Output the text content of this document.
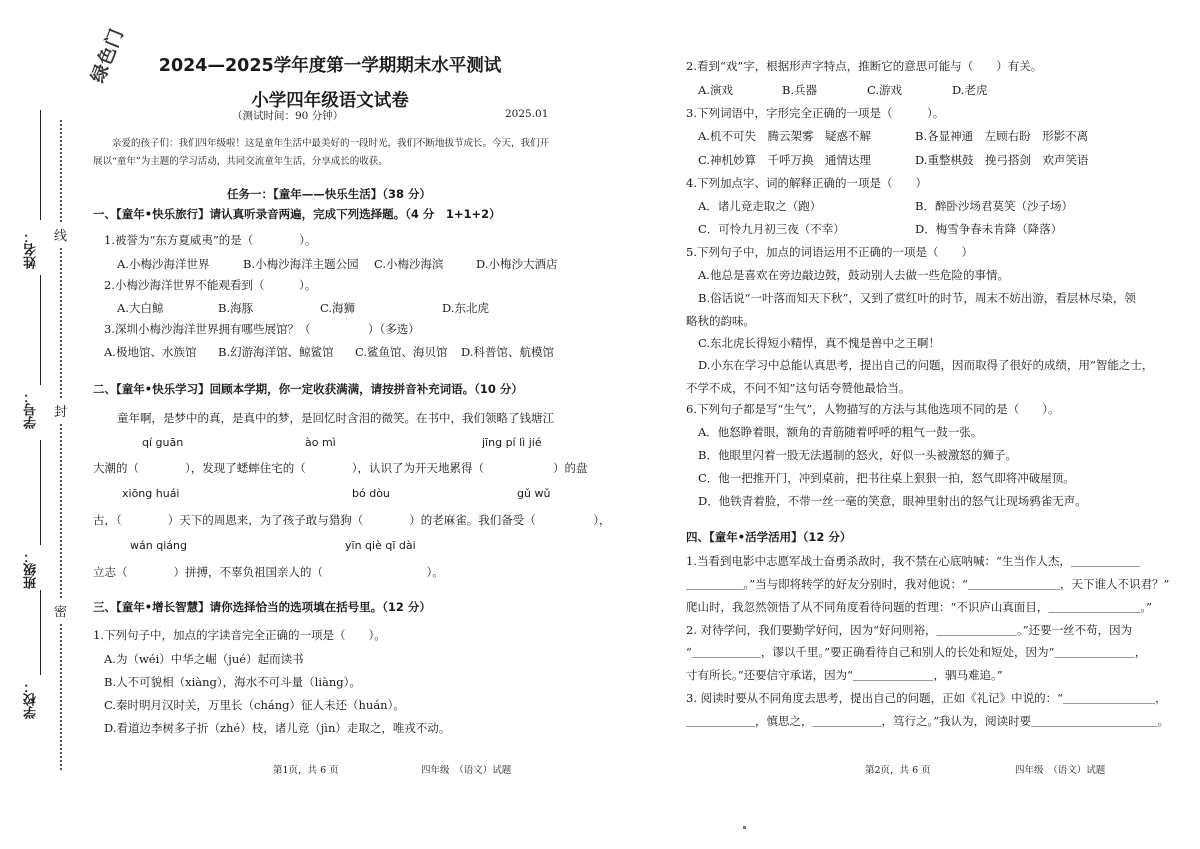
绿色门
姓名：
学号：
班级：
学校：
线
封
密
2024—2025学年度第一学期期末水平测试
小学四年级语文试卷
（测试时间：90 分钟）	2025.01
亲爱的孩子们：我们四年级啦！这是童年生活中最美好的一段时光，我们不断地拔节成长。今天，我们开
展以“童年”为主题的学习活动，共同交流童年生活，分享成长的收获。
任务一：【童年——快乐生活】（38 分）
一、【童年•快乐旅行】请认真听录音两遍，完成下列选择题。（4 分　1+1+2）
1.被誉为“东方夏威夷”的是（　　　　）。
A.小梅沙海洋世界	B.小梅沙海洋主题公园 C.小梅沙海滨	D.小梅沙大酒店
2.小梅沙海洋世界不能观看到（　　　）。
A.大白鲸	B.海豚	C.海狮	D.东北虎
3.深圳小梅沙海洋世界拥有哪些展馆？（　　　　　）（多选）
A.极地馆、水族馆 B.幻游海洋馆、鲸鲨馆 C.鲨鱼馆、海贝馆 D.科普馆、航模馆
二、【童年•快乐学习】回顾本学期，你一定收获满满，请按拼音补充词语。（10 分）
童年啊，是梦中的真，是真中的梦，是回忆时含泪的微笑。在书中，我们领略了钱塘江
qí guān	ào mì	jīng pí lì jié
大潮的（　　　　），发现了蟋蟀住宅的（　　　　），认识了为开天地累得（　　　　　　）的盘
xiōng huái	bó dòu	gǔ wǔ
古，（　　　　）天下的周恩来，为了孩子敢与猎狗（　　　　）的老麻雀。我们备受（　　　　　），
wán qiáng	yīn qiè qī dài
立志（　　　　）拼搏，不辜负祖国亲人的（　　　　　　　　　）。
三、【童年•增长智慧】请你选择恰当的选项填在括号里。（12 分）
1.下列句子中，加点的字读音完全正确的一项是（　　）。
A.为（wéi）中华之崛（jué）起而读书
B.人不可貌相（xiàng），海水不可斗量（liàng）。
C.秦时明月汉时关，万里长（cháng）征人未还（huán）。
D.看道边李树多子折（zhé）枝，诸儿竞（jìn）走取之，唯戎不动。
第1页，共 6 页	四年级　（语文）试题
2.看到“戏”字，根据形声字特点，推断它的意思可能与（　　）有关。
A.演戏	B.兵器	C.游戏	D.老虎
3.下列词语中，字形完全正确的一项是（　　　）。
A.机不可失　腾云架雾　疑惑不解	B.各显神通　左顾右盼　形影不离
C.神机妙算　千呼万换　通情达理	D.重整棋鼓　挽弓搭剑　欢声笑语
4.下列加点字、词的解释正确的一项是（　　）
A．诸儿竞走取之（跑）	B．醉卧沙场君莫笑（沙子场）
C．可怜九月初三夜（不幸）	D．梅雪争春未肯降（降落）
5.下列句子中，加点的词语运用不正确的一项是（　　）
A.他总是喜欢在旁边敲边鼓，鼓动别人去做一些危险的事情。
B.俗话说“一叶落而知天下秋”，又到了赏红叶的时节，周末不妨出游，看层林尽染，领
略秋的韵味。
C.东北虎长得短小精悍，真不愧是兽中之王啊！
D.小东在学习中总能认真思考，提出自己的问题，因而取得了很好的成绩，用“智能之士，
不学不成，不问不知”这句话夸赞他最恰当。
6.下列句子都是写“生气”，人物描写的方法与其他选项不同的是（　　）。
A．他怒睁着眼，额角的青筋随着呼呼的粗气一鼓一张。
B．他眼里闪着一股无法遏制的怒火，好似一头被激怒的狮子。
C．他一把推开门，冲到桌前，把书往桌上狠狠一拍，怒气即将冲破屋顶。
D．他铁青着脸，不带一丝一毫的笑意，眼神里射出的怒气让现场鸦雀无声。
四、【童年•活学活用】（12 分）
1.当看到电影中志愿军战士奋勇杀敌时，我不禁在心底呐喊：“生当作人杰，＿＿＿＿＿＿
＿＿＿＿＿。”当与即将转学的好友分别时，我对他说：“＿＿＿＿＿＿＿＿，天下谁人不识君？”
爬山时，我忽然领悟了从不同角度看待问题的哲理：“不识庐山真面目，＿＿＿＿＿＿＿＿。”
2. 对待学问，我们要勤学好问，因为“好问则裕，＿＿＿＿＿＿＿。”还要一丝不苟，因为
“＿＿＿＿＿＿，谬以千里。”要正确看待自己和别人的长处和短处，因为“＿＿＿＿＿＿＿，
寸有所长。”还要信守承诺，因为“＿＿＿＿＿＿＿，驷马难追。”
3. 阅读时要从不同角度去思考，提出自己的问题，正如《礼记》中说的：“＿＿＿＿＿＿＿＿，
＿＿＿＿＿＿，慎思之，＿＿＿＿＿＿，笃行之。”我认为，阅读时要＿＿＿＿＿＿＿＿＿＿＿。
第2页，共 6 页	四年级　（语文）试题
